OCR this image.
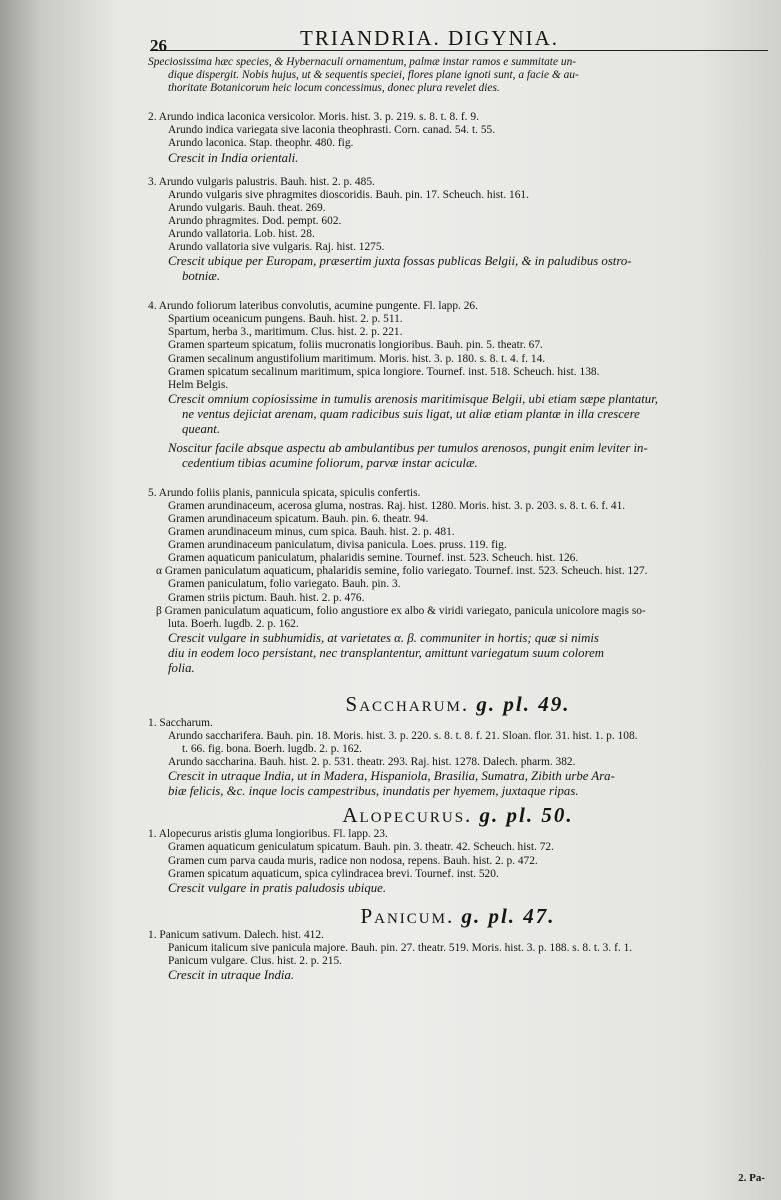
26	TRIANDRIA. DIGYNIA.
Speciosissima hæc species, & Hybernaculi ornamentum, palmæ instar ramos e summitate un-
dique dispergit. Nobis hujus, ut & sequentis speciei, flores plane ignoti sunt, a facie & au-
thoritate Botanicorum heic locum concessimus, donec plura revelet dies.
2. Arundo indica laconica versicolor. Moris. hist. 3. p. 219. s. 8. t. 8. f. 9.
Arundo indica variegata sive laconia theophrasti. Corn. canad. 54. t. 55.
Arundo laconica. Stap. theophr. 480. fig.
Crescit in India orientali.
3. Arundo vulgaris palustris. Bauh. hist. 2. p. 485.
Arundo vulgaris sive phragmites dioscoridis. Bauh. pin. 17. Scheuch. hist. 161.
Arundo vulgaris. Bauh. theat. 269.
Arundo phragmites. Dod. pempt. 602.
Arundo vallatoria. Lob. hist. 28.
Arundo vallatoria sive vulgaris. Raj. hist. 1275.
Crescit ubique per Europam, præsertim juxta fossas publicas Belgii, & in paludibus ostro-
botniæ.
4. Arundo foliorum lateribus convolutis, acumine pungente. Fl. lapp. 26.
Spartium oceanicum pungens. Bauh. hist. 2. p. 511.
Spartum, herba 3., maritimum. Clus. hist. 2. p. 221.
Gramen sparteum spicatum, foliis mucronatis longioribus. Bauh. pin. 5. theatr. 67.
Gramen secalinum angustifolium maritimum. Moris. hist. 3. p. 180. s. 8. t. 4. f. 14.
Gramen spicatum secalinum maritimum, spica longiore. Tournef. inst. 518. Scheuch. hist. 138.
Helm Belgis.
Crescit omnium copiosissime in tumulis arenosis maritimisque Belgii, ubi etiam sæpe plantatur,
ne ventus dejiciat arenam, quam radicibus suis ligat, ut aliæ etiam plantæ in illa crescere
queant.
Noscitur facile absque aspectu ab ambulantibus per tumulos arenosos, pungit enim leviter in-
cedentium tibias acumine foliorum, parvæ instar aciculæ.
5. Arundo foliis planis, pannicula spicata, spiculis confertis.
Gramen arundinaceum, acerosa gluma, nostras. Raj. hist. 1280. Moris. hist. 3. p. 203. s. 8. t. 6. f. 41.
Gramen arundinaceum spicatum. Bauh. pin. 6. theatr. 94.
Gramen arundinaceum minus, cum spica. Bauh. hist. 2. p. 481.
Gramen arundinaceum paniculatum, divisa panicula. Loes. pruss. 119. fig.
Gramen aquaticum paniculatum, phalaridis semine. Tournef. inst. 523. Scheuch. hist. 126.
α Gramen paniculatum aquaticum, phalaridis semine, folio variegato. Tournef. inst. 523. Scheuch. hist. 127.
Gramen paniculatum, folio variegato. Bauh. pin. 3.
Gramen striis pictum. Bauh. hist. 2. p. 476.
β Gramen paniculatum aquaticum, folio angustiore ex albo & viridi variegato, panicula unicolore magis so-
luta. Boerh. lugdb. 2. p. 162.
Crescit vulgare in subhumidis, at varietates α. β. communiter in hortis; quæ si nimis
diu in eodem loco persistant, nec transplantentur, amittunt variegatum suum colorem
folia.
Saccharum. g. pl. 49.
1. Saccharum.
Arundo saccharifera. Bauh. pin. 18. Moris. hist. 3. p. 220. s. 8. t. 8. f. 21. Sloan. flor. 31. hist. 1. p. 108.
t. 66. fig. bona. Boerh. lugdb. 2. p. 162.
Arundo saccharina. Bauh. hist. 2. p. 531. theatr. 293. Raj. hist. 1278. Dalech. pharm. 382.
Crescit in utraque India, ut in Madera, Hispaniola, Brasilia, Sumatra, Zibith urbe Ara-
biæ felicis, &c. inque locis campestribus, inundatis per hyemem, juxtaque ripas.
Alopecurus. g. pl. 50.
1. Alopecurus aristis gluma longioribus. Fl. lapp. 23.
Gramen aquaticum geniculatum spicatum. Bauh. pin. 3. theatr. 42. Scheuch. hist. 72.
Gramen cum parva cauda muris, radice non nodosa, repens. Bauh. hist. 2. p. 472.
Gramen spicatum aquaticum, spica cylindracea brevi. Tournef. inst. 520.
Crescit vulgare in pratis paludosis ubique.
Panicum. g. pl. 47.
1. Panicum sativum. Dalech. hist. 412.
Panicum italicum sive panicula majore. Bauh. pin. 27. theatr. 519. Moris. hist. 3. p. 188. s. 8. t. 3. f. 1.
Panicum vulgare. Clus. hist. 2. p. 215.
Crescit in utraque India.
2. Pa-
